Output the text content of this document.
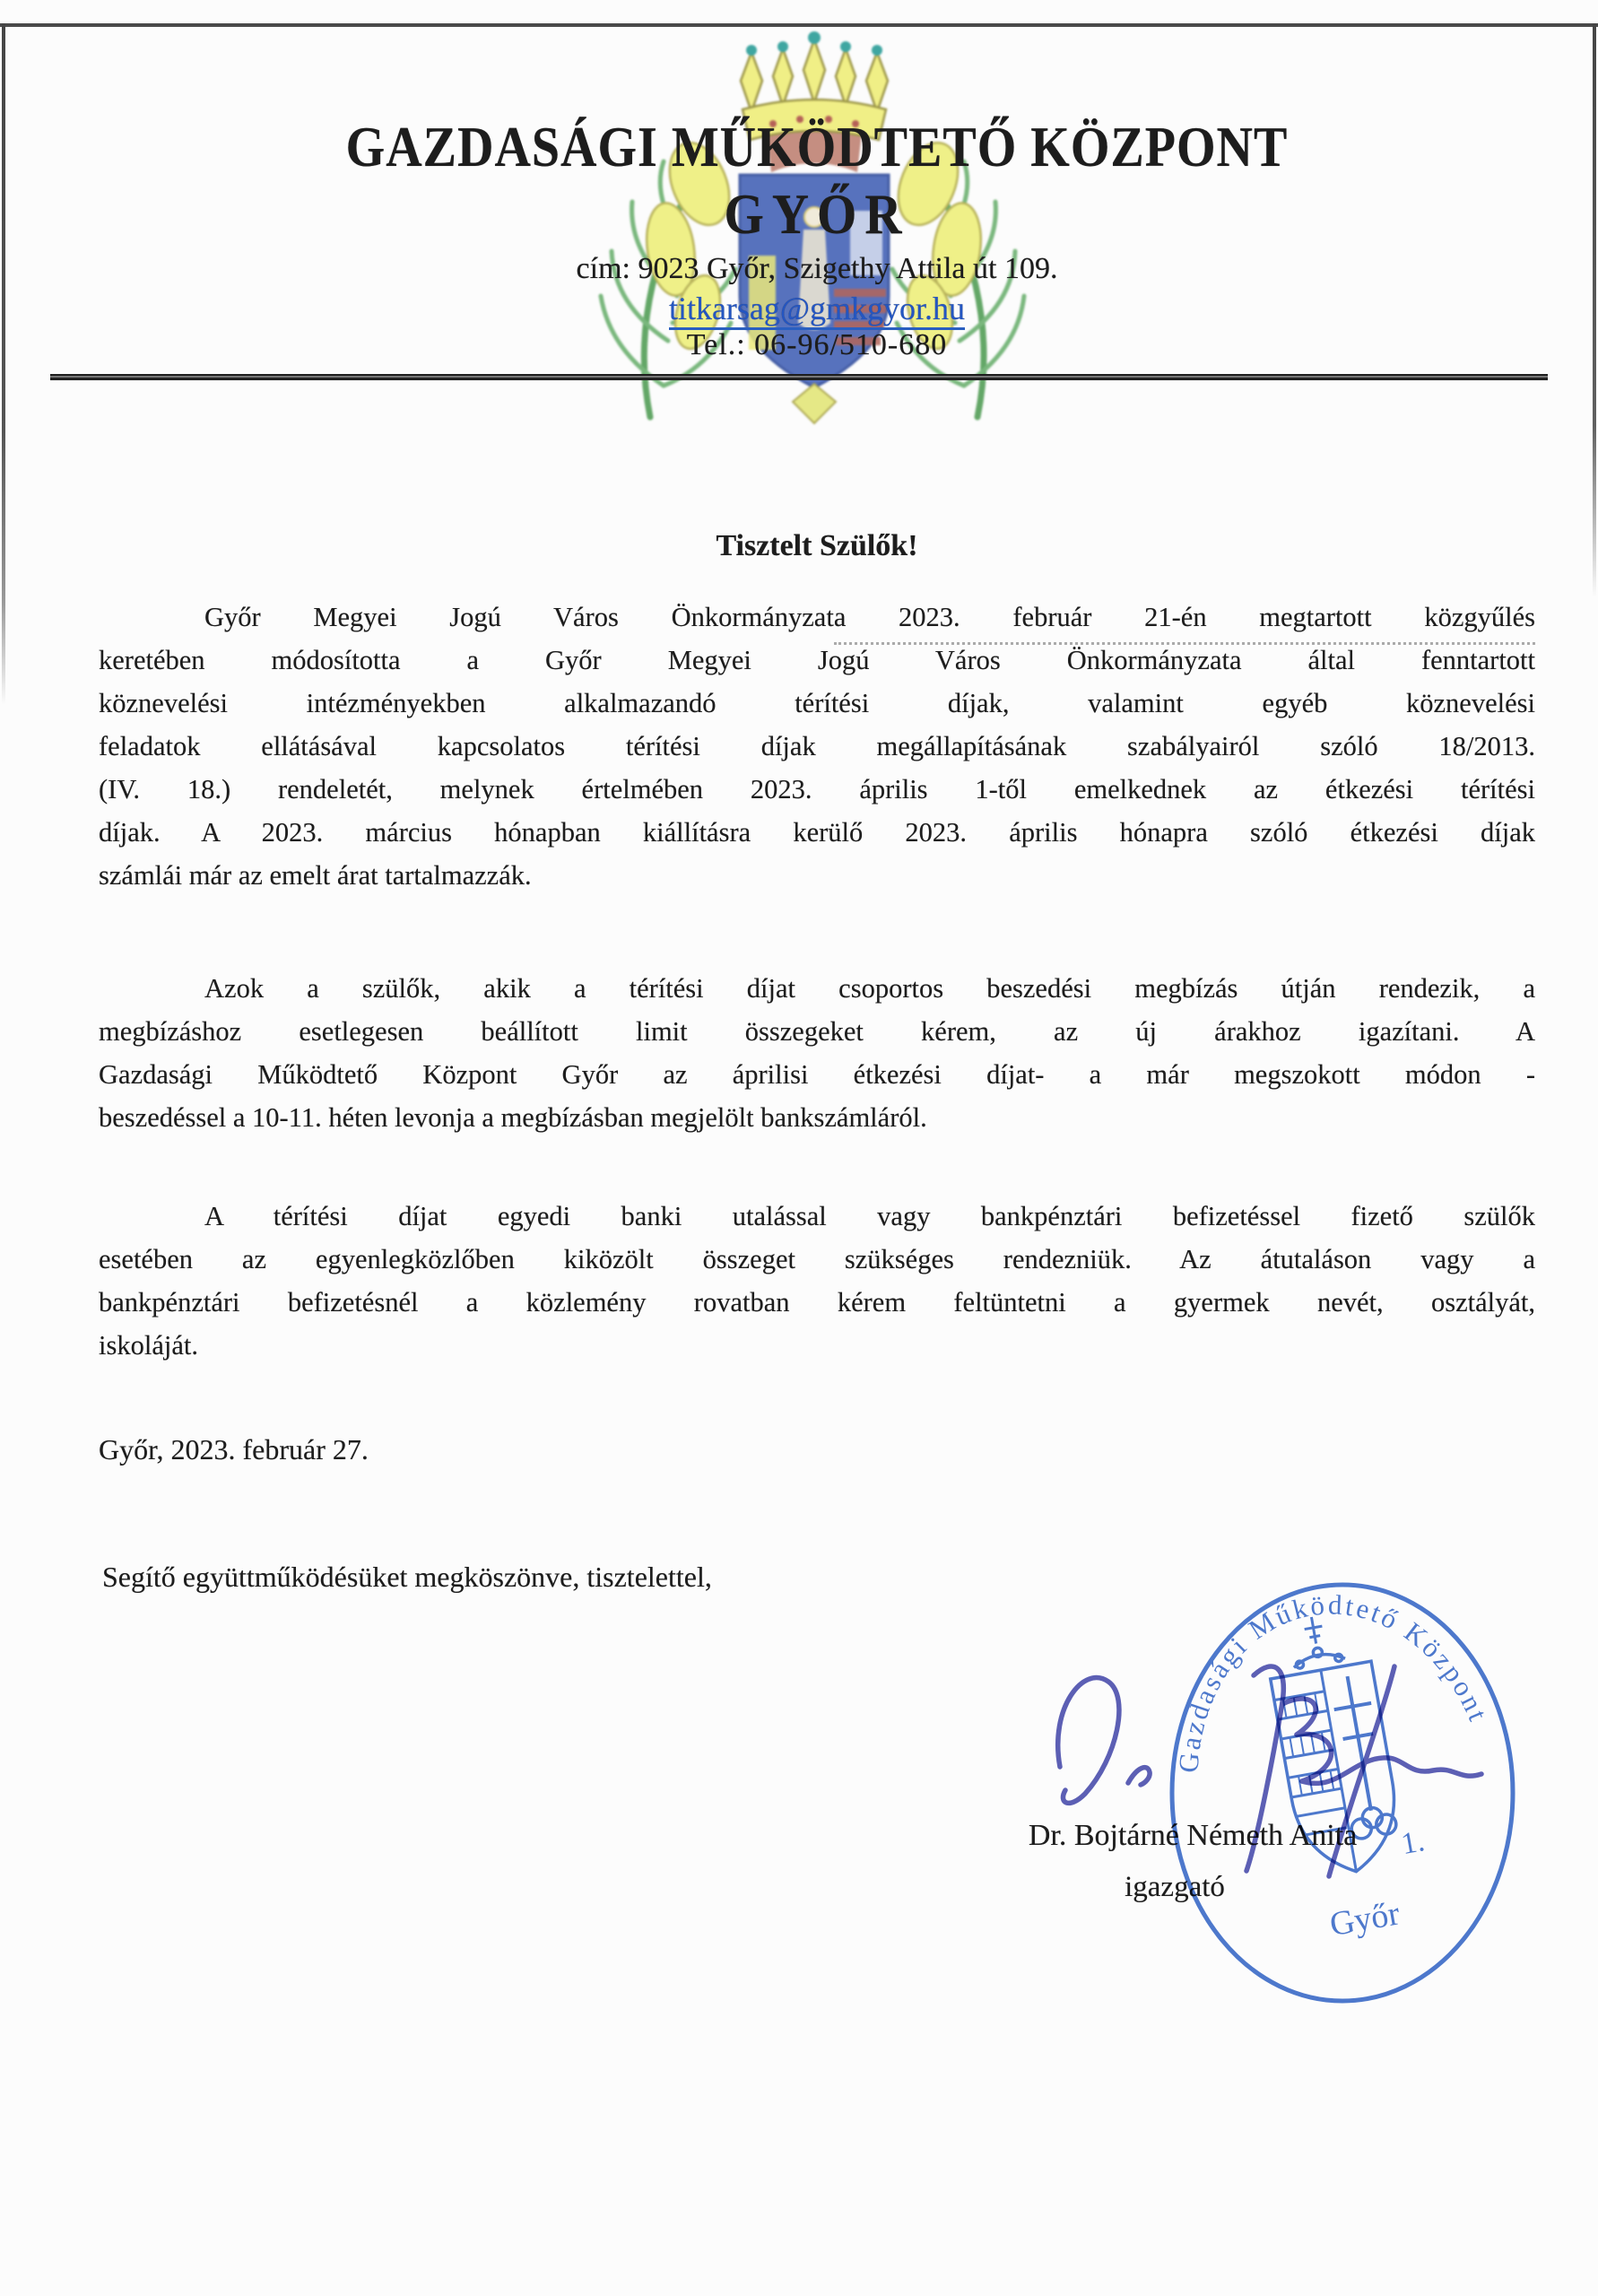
GAZDASÁGI MŰKÖDTETŐ KÖZPONT
GYŐR
cím: 9023 Győr, Szigethy Attila út 109.
titkarsag@gmkgyor.hu
Tel.: 06-96/510-680
Tisztelt Szülők!
Győr Megyei Jogú Város Önkormányzata 2023. február 21-én megtartott közgyűlés
keretében módosította a Győr Megyei Jogú Város Önkormányzata által fenntartott
köznevelési intézményekben alkalmazandó térítési díjak, valamint egyéb köznevelési
feladatok ellátásával kapcsolatos térítési díjak megállapításának szabályairól szóló 18/2013.
(IV. 18.) rendeletét, melynek értelmében 2023. április 1-től emelkednek az étkezési térítési
díjak. A 2023. március hónapban kiállításra kerülő 2023. április hónapra szóló étkezési díjak
számlái már az emelt árat tartalmazzák.
Azok a szülők, akik a térítési díjat csoportos beszedési megbízás útján rendezik, a
megbízáshoz esetlegesen beállított limit összegeket kérem, az új árakhoz igazítani. A
Gazdasági Működtető Központ Győr az áprilisi étkezési díjat- a már megszokott módon -
beszedéssel a 10-11. héten levonja a megbízásban megjelölt bankszámláról.
A térítési díjat egyedi banki utalással vagy bankpénztári befizetéssel fizető szülők
esetében az egyenlegközlőben kiközölt összeget szükséges rendezniük. Az átutaláson vagy a
bankpénztári befizetésnél a közlemény rovatban kérem feltüntetni a gyermek nevét, osztályát,
iskoláját.
Győr, 2023. február 27.
Segítő együttműködésüket megköszönve, tisztelettel,
Dr. Bojtárné Németh Anita
igazgató
Gazdasági Működtető Központ
1.
Győr
